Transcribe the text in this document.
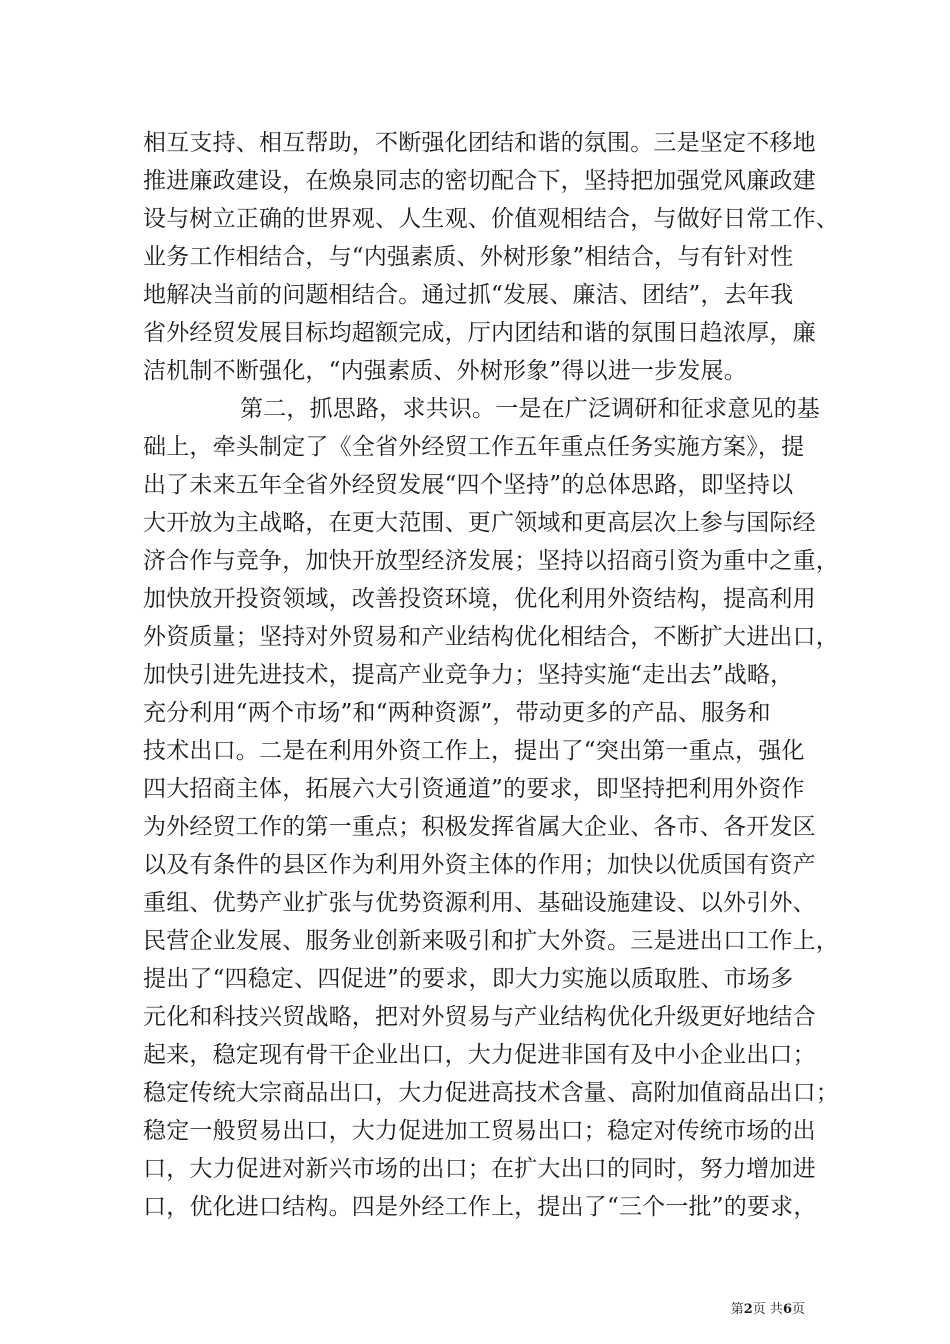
相互支持、相互帮助，不断强化团结和谐的氛围。三是坚定不移地
推进廉政建设，在焕泉同志的密切配合下，坚持把加强党风廉政建
设与树立正确的世界观、人生观、价值观相结合，与做好日常工作、
业务工作相结合，与“内强素质、外树形象”相结合，与有针对性
地解决当前的问题相结合。通过抓“发展、廉洁、团结”，去年我
省外经贸发展目标均超额完成，厅内团结和谐的氛围日趋浓厚，廉
洁机制不断强化，“内强素质、外树形象”得以进一步发展。
第二，抓思路，求共识。一是在广泛调研和征求意见的基
础上，牵头制定了《全省外经贸工作五年重点任务实施方案》，提
出了未来五年全省外经贸发展“四个坚持”的总体思路，即坚持以
大开放为主战略，在更大范围、更广领域和更高层次上参与国际经
济合作与竞争，加快开放型经济发展；坚持以招商引资为重中之重，
加快放开投资领域，改善投资环境，优化利用外资结构，提高利用
外资质量；坚持对外贸易和产业结构优化相结合，不断扩大进出口，
加快引进先进技术，提高产业竞争力；坚持实施“走出去”战略，
充分利用“两个市场”和“两种资源”，带动更多的产品、服务和
技术出口。二是在利用外资工作上，提出了“突出第一重点，强化
四大招商主体，拓展六大引资通道”的要求，即坚持把利用外资作
为外经贸工作的第一重点；积极发挥省属大企业、各市、各开发区
以及有条件的县区作为利用外资主体的作用；加快以优质国有资产
重组、优势产业扩张与优势资源利用、基础设施建设、以外引外、
民营企业发展、服务业创新来吸引和扩大外资。三是进出口工作上，
提出了“四稳定、四促进”的要求，即大力实施以质取胜、市场多
元化和科技兴贸战略，把对外贸易与产业结构优化升级更好地结合
起来，稳定现有骨干企业出口，大力促进非国有及中小企业出口；
稳定传统大宗商品出口，大力促进高技术含量、高附加值商品出口；
稳定一般贸易出口，大力促进加工贸易出口；稳定对传统市场的出
口，大力促进对新兴市场的出口；在扩大出口的同时，努力增加进
口，优化进口结构。四是外经工作上，提出了“三个一批”的要求，
第2页 共6页
